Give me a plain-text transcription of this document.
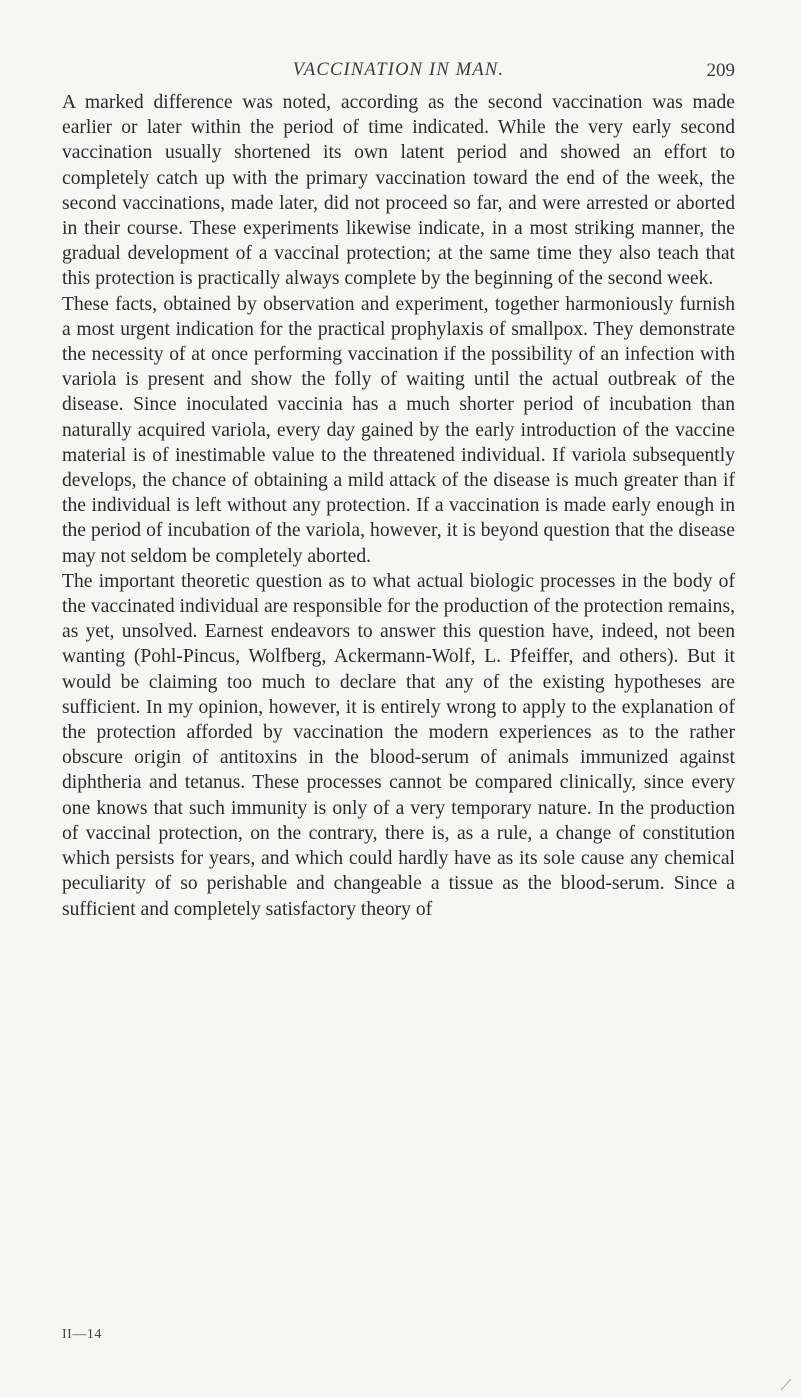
VACCINATION IN MAN.	209

A marked difference was noted, according as the second vaccination was made earlier or later within the period of time indicated. While the very early second vaccination usually shortened its own latent period and showed an effort to completely catch up with the primary vaccination toward the end of the week, the second vaccinations, made later, did not proceed so far, and were arrested or aborted in their course. These experiments likewise indicate, in a most striking manner, the gradual development of a vaccinal protection; at the same time they also teach that this protection is practically always complete by the beginning of the second week.

These facts, obtained by observation and experiment, together harmoniously furnish a most urgent indication for the practical prophylaxis of smallpox. They demonstrate the necessity of at once performing vaccination if the possibility of an infection with variola is present and show the folly of waiting until the actual outbreak of the disease. Since inoculated vaccinia has a much shorter period of incubation than naturally acquired variola, every day gained by the early introduction of the vaccine material is of inestimable value to the threatened individual. If variola subsequently develops, the chance of obtaining a mild attack of the disease is much greater than if the individual is left without any protection. If a vaccination is made early enough in the period of incubation of the variola, however, it is beyond question that the disease may not seldom be completely aborted.

The important theoretic question as to what actual biologic processes in the body of the vaccinated individual are responsible for the production of the protection remains, as yet, unsolved. Earnest endeavors to answer this question have, indeed, not been wanting (Pohl-Pincus, Wolfberg, Ackermann-Wolf, L. Pfeiffer, and others). But it would be claiming too much to declare that any of the existing hypotheses are sufficient. In my opinion, however, it is entirely wrong to apply to the explanation of the protection afforded by vaccination the modern experiences as to the rather obscure origin of antitoxins in the blood-serum of animals immunized against diphtheria and tetanus. These processes cannot be compared clinically, since every one knows that such immunity is only of a very temporary nature. In the production of vaccinal protection, on the contrary, there is, as a rule, a change of constitution which persists for years, and which could hardly have as its sole cause any chemical peculiarity of so perishable and changeable a tissue as the blood-serum. Since a sufficient and completely satisfactory theory of

II—14
